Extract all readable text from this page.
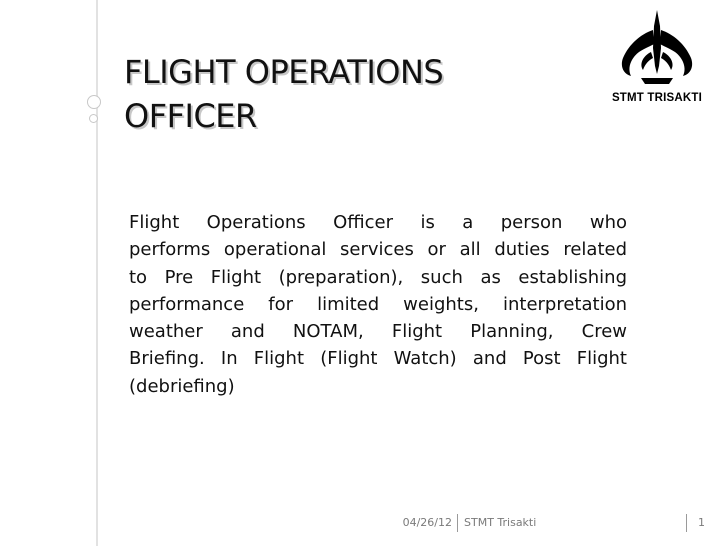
FLIGHT OPERATIONS
OFFICER	STMT TRISAKTI
Flight Operations Officer is a person who
performs operational services or all duties related
to Pre Flight (preparation), such as establishing
performance for limited weights, interpretation
weather and NOTAM, Flight Planning, Crew
Briefing. In Flight (Flight Watch) and Post Flight
(debriefing)
04/26/12 STMT Trisakti	1
